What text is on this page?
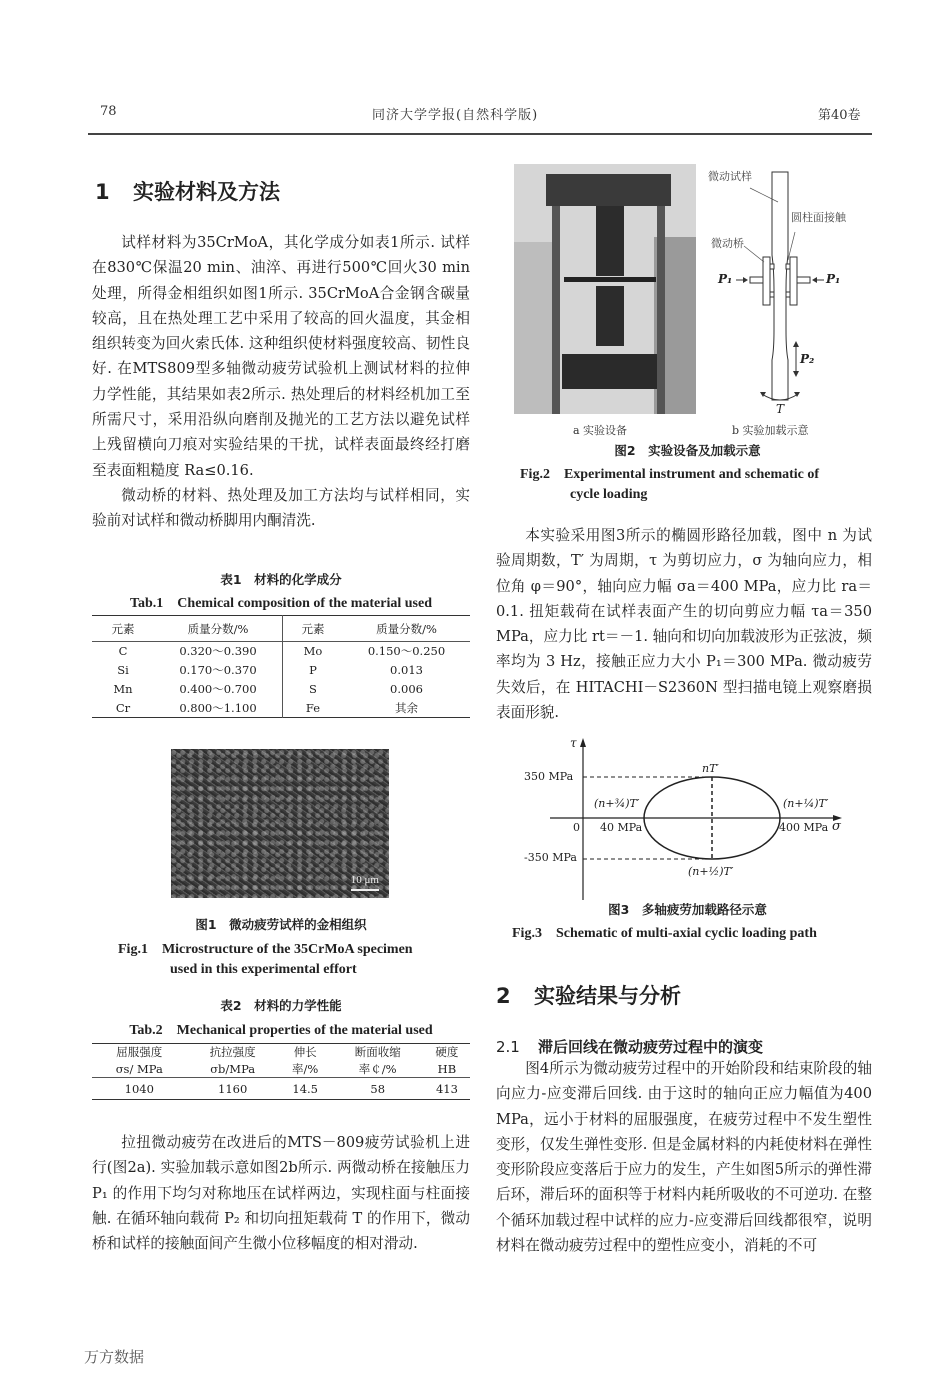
78	同济大学学报(自然科学版)	第40卷
1 实验材料及方法

试样材料为35CrMoA，其化学成分如表1所示. 试样在830℃保温20 min、油淬、再进行500℃回火30 min处理，所得金相组织如图1所示. 35CrMoA合金钢含碳量较高，且在热处理工艺中采用了较高的回火温度，其金相组织转变为回火索氏体. 这种组织使材料强度较高、韧性良好. 在MTS809型多轴微动疲劳试验机上测试材料的拉伸力学性能，其结果如表2所示. 热处理后的材料经机加工至所需尺寸，采用沿纵向磨削及抛光的工艺方法以避免试样上残留横向刀痕对实验结果的干扰，试样表面最终经打磨至表面粗糙度 Ra≤0.16.

微动桥的材料、热处理及加工方法均与试样相同，实验前对试样和微动桥脚用内酮清洗.

表1　材料的化学成分
Tab.1　Chemical composition of the material used
元素	质量分数/%	元素	质量分数/%
C	0.320～0.390	Mo	0.150～0.250
Si	0.170～0.370	P	0.013
Mn	0.400～0.700	S	0.006
Cr	0.800～1.100	Fe	其余
10 μm
图1　微动疲劳试样的金相组织
Fig.1　Microstructure of the 35CrMoA specimen
used in this experimental effort
表2　材料的力学性能
Tab.2　Mechanical properties of the material used
屈服强度	抗拉强度	伸长	断面收缩	硬度
σs/ MPa	σb/MPa	率/%	率￠/%	HB
1040	1160	14.5	58	413

拉扭微动疲劳在改进后的MTS－809疲劳试验机上进行(图2a). 实验加载示意如图2b所示. 两微动桥在接触压力 P₁ 的作用下均匀对称地压在试样两边，实现柱面与柱面接触. 在循环轴向载荷 P₂ 和切向扭矩载荷 T 的作用下，微动桥和试样的接触面间产生微小位移幅度的相对滑动.

微动试样
圆柱面接触
微动桥
P₁	P₁
P₂
T
a 实验设备	b 实验加载示意
图2　实验设备及加载示意
Fig.2　Experimental instrument and schematic of
cycle loading

本实验采用图3所示的椭圆形路径加载，图中 n 为试验周期数，T′ 为周期，τ 为剪切应力，σ 为轴向应力，相位角 φ＝90°，轴向应力幅 σa＝400 MPa，应力比 ra＝0.1. 扭矩载荷在试样表面产生的切向剪应力幅 τa＝350 MPa，应力比 rt＝－1. 轴向和切向加载波形为正弦波，频率均为 3 Hz，接触正应力大小 P₁＝300 MPa. 微动疲劳失效后，在 HITACHI－S2360N 型扫描电镜上观察磨损表面形貌.

τ
σ
350 MPa
-350 MPa
0 40 MPa	400 MPa
nT′
(n+¾)T′	(n+¼)T′
(n+½)T′
图3　多轴疲劳加载路径示意
Fig.3　Schematic of multi-axial cyclic loading path
2 实验结果与分析
2.1 滞后回线在微动疲劳过程中的演变

图4所示为微动疲劳过程中的开始阶段和结束阶段的轴向应力-应变滞后回线. 由于这时的轴向正应力幅值为400 MPa，远小于材料的屈服强度，在疲劳过程中不发生塑性变形，仅发生弹性变形. 但是金属材料的内耗使材料在弹性变形阶段应变落后于应力的发生，产生如图5所示的弹性滞后环，滞后环的面积等于材料内耗所吸收的不可逆功. 在整个循环加载过程中试样的应力-应变滞后回线都很窄，说明材料在微动疲劳过程中的塑性应变小，消耗的不可

万方数据
